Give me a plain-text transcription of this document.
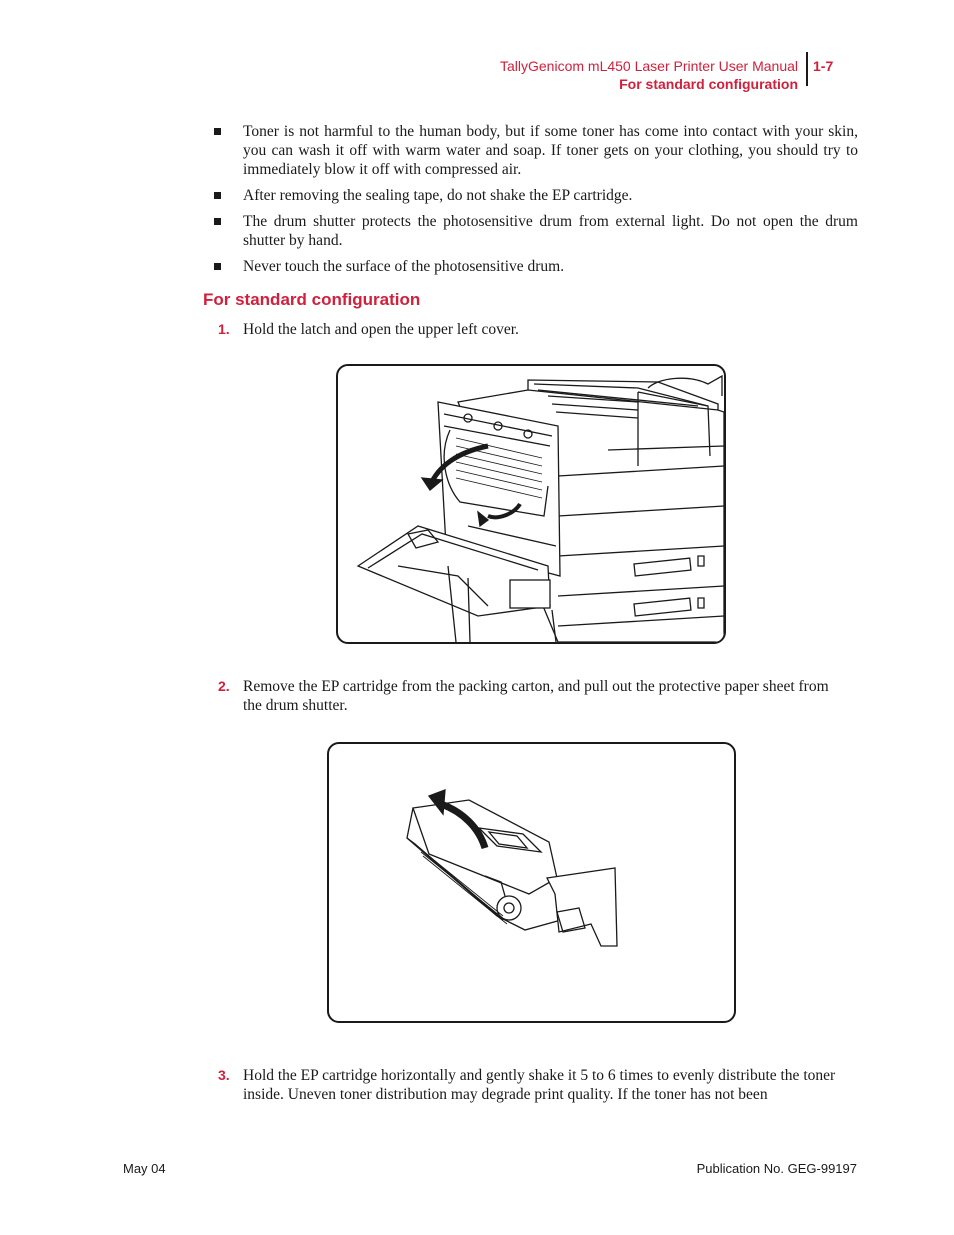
TallyGenicom mL450 Laser Printer User Manual
For standard configuration
1-7
Toner is not harmful to the human body, but if some toner has come into contact with your skin, you can wash it off with warm water and soap. If toner gets on your clothing, you should try to immediately blow it off with compressed air.
After removing the sealing tape, do not shake the EP cartridge.
The drum shutter protects the photosensitive drum from external light. Do not open the drum shutter by hand.
Never touch the surface of the photosensitive drum.
For standard configuration
1. Hold the latch and open the upper left cover.
2. Remove the EP cartridge from the packing carton, and pull out the protective paper sheet from the drum shutter.
3. Hold the EP cartridge horizontally and gently shake it 5 to 6 times to evenly distribute the toner inside. Uneven toner distribution may degrade print quality. If the toner has not been
May 04	Publication No. GEG-99197
